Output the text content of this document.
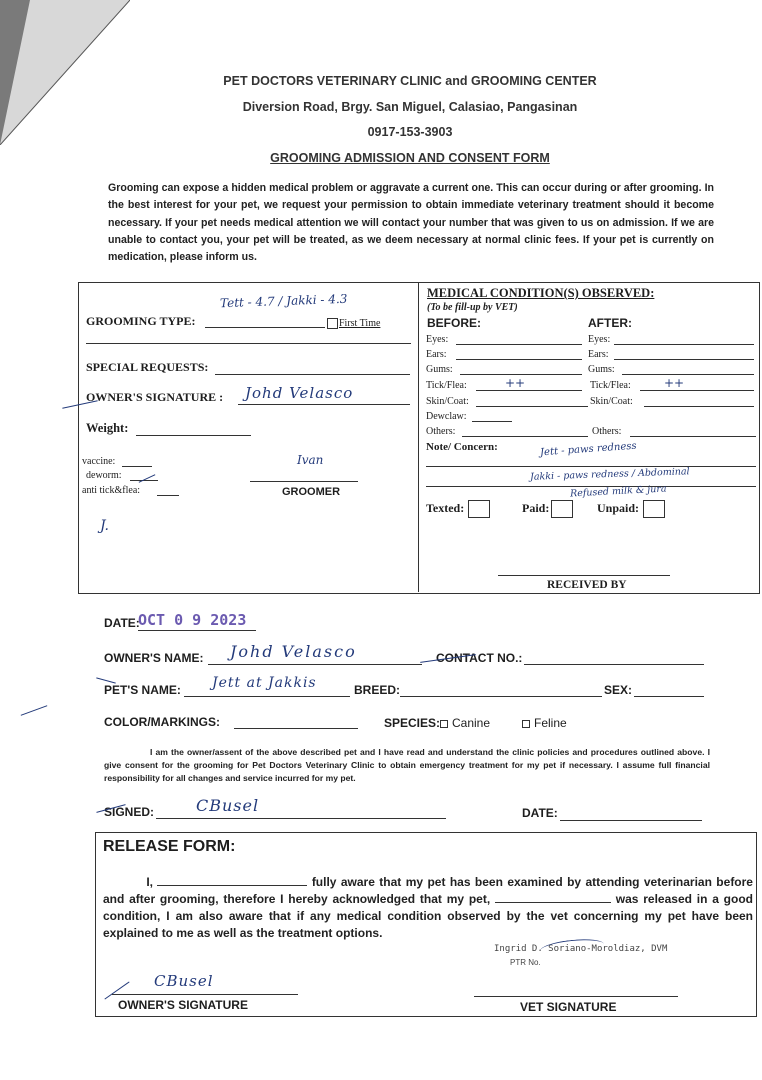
PET DOCTORS VETERINARY CLINIC and GROOMING CENTER
Diversion Road, Brgy. San Miguel, Calasiao, Pangasinan
0917-153-3903
GROOMING ADMISSION AND CONSENT FORM
Grooming can expose a hidden medical problem or aggravate a current one. This can occur during or after grooming. In the best interest for your pet, we request your permission to obtain immediate veterinary treatment should it become necessary. If your pet needs medical attention we will contact your number that was given to us on admission. If we are unable to contact you, your pet will be treated, as we deem necessary at normal clinic fees. If your pet is currently on medication, please inform us.
GROOMING TYPE:
Tett - 4.7 / Jakki - 4.3
First Time
SPECIAL REQUESTS:
OWNER'S SIGNATURE : Johd Velasco
Weight:
vaccine:
deworm:
anti tick&flea:
Ivan
GROOMER
J.
MEDICAL CONDITION(S) OBSERVED:
(To be fill-up by VET)
BEFORE:	AFTER:
Eyes:	Eyes:
Ears:	Ears:
Gums:	Gums:
Tick/Flea:	++	Tick/Flea:	++
Skin/Coat:	Skin/Coat:
Dewclaw:
Others:	Others:
Note/ Concern:	Jett - paws redness
Jakki - paws redness / Abdominal
Refused milk & jura
Texted:	Paid:	Unpaid:
RECEIVED BY
DATE:
OCT 0 9 2023
OWNER'S NAME: Johd Velasco	CONTACT NO.:
PET'S NAME: Jett at Jakkis	BREED:	SEX:
COLOR/MARKINGS:	SPECIES: Canine	Feline
I am the owner/assent of the above described pet and I have read and understand the clinic policies and procedures outlined above. I give consent for the grooming for Pet Doctors Veterinary Clinic to obtain emergency treatment for my pet if necessary. I assume full financial responsibility for all changes and service incurred for my pet.
SIGNED:	CBusel	DATE:
RELEASE FORM:
I,	fully aware that my pet has been examined by attending veterinarian before and after grooming, therefore I hereby acknowledged that my pet,	was released in a good condition, I am also aware that if any medical condition observed by the vet concerning my pet have been explained to me as well as the treatment options.
Ingrid D. Soriano-Moroldiaz, DVM
PTR No.
CBusel
OWNER'S SIGNATURE	VET SIGNATURE
